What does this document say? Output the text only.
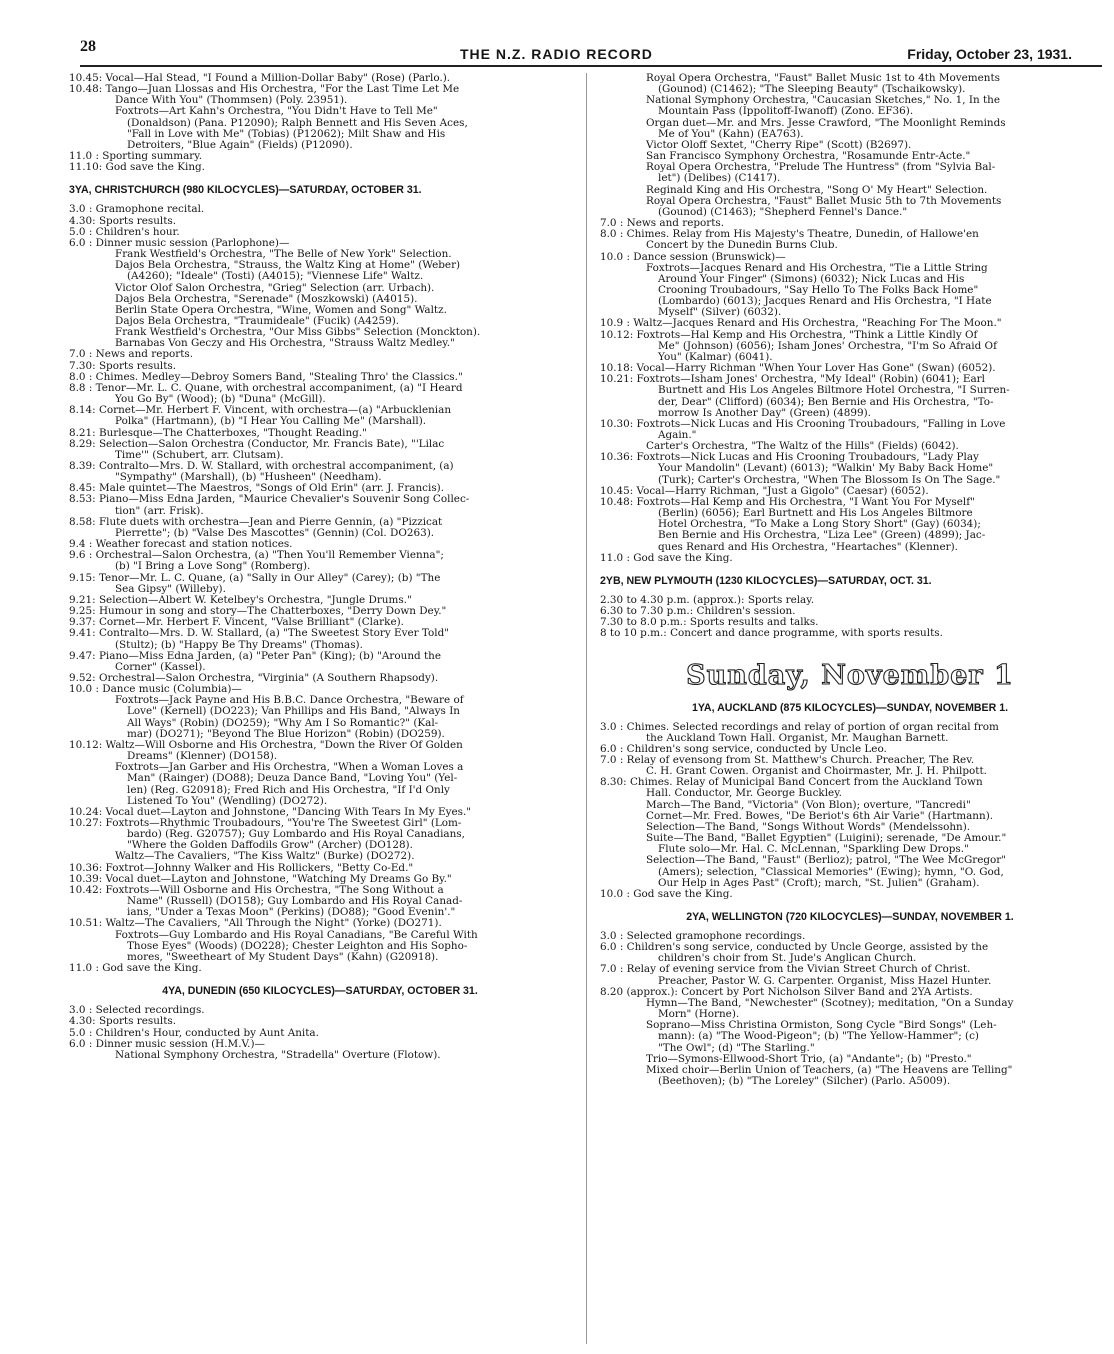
28	THE N.Z. RADIO RECORD	Friday, October 23, 1931.
10.45: Vocal—Hal Stead, "I Found a Million-Dollar Baby" (Rose) (Parlo.).
10.48: Tango—Juan Llossas and His Orchestra, "For the Last Time Let Me
Dance With You" (Thommsen) (Poly. 23951).
Foxtrots—Art Kahn's Orchestra, "You Didn't Have to Tell Me"
(Donaldson) (Pana. P12090); Ralph Bennett and His Seven Aces,
"Fall in Love with Me" (Tobias) (P12062); Milt Shaw and His
Detroiters, "Blue Again" (Fields) (P12090).
11.0 : Sporting summary.
11.10: God save the King.
3YA, CHRISTCHURCH (980 KILOCYCLES)—SATURDAY, OCTOBER 31.
3.0 : Gramophone recital.
4.30: Sports results.
5.0 : Children's hour.
6.0 : Dinner music session (Parlophone)—
Frank Westfield's Orchestra, "The Belle of New York" Selection.
Dajos Bela Orchestra, "Strauss, the Waltz King at Home" (Weber)
(A4260); "Ideale" (Tosti) (A4015); "Viennese Life" Waltz.
Victor Olof Salon Orchestra, "Grieg" Selection (arr. Urbach).
Dajos Bela Orchestra, "Serenade" (Moszkowski) (A4015).
Berlin State Opera Orchestra, "Wine, Women and Song" Waltz.
Dajos Bela Orchestra, "Traumideale" (Fucik) (A4259).
Frank Westfield's Orchestra, "Our Miss Gibbs" Selection (Monckton).
Barnabas Von Geczy and His Orchestra, "Strauss Waltz Medley."
7.0 : News and reports.
7.30: Sports results.
8.0 : Chimes. Medley—Debroy Somers Band, "Stealing Thro' the Classics."
8.8 : Tenor—Mr. L. C. Quane, with orchestral accompaniment, (a) "I Heard
You Go By" (Wood); (b) "Duna" (McGill).
8.14: Cornet—Mr. Herbert F. Vincent, with orchestra—(a) "Arbucklenian
Polka" (Hartmann), (b) "I Hear You Calling Me" (Marshall).
8.21: Burlesque—The Chatterboxes, "Thought Reading."
8.29: Selection—Salon Orchestra (Conductor, Mr. Francis Bate), "'Lilac
Time'" (Schubert, arr. Clutsam).
8.39: Contralto—Mrs. D. W. Stallard, with orchestral accompaniment, (a)
"Sympathy" (Marshall), (b) "Husheen" (Needham).
8.45: Male quintet—The Maestros, "Songs of Old Erin" (arr. J. Francis).
8.53: Piano—Miss Edna Jarden, "Maurice Chevalier's Souvenir Song Collec-
tion" (arr. Frisk).
8.58: Flute duets with orchestra—Jean and Pierre Gennin, (a) "Pizzicat
Pierrette"; (b) "Valse Des Mascottes" (Gennin) (Col. DO263).
9.4 : Weather forecast and station notices.
9.6 : Orchestral—Salon Orchestra, (a) "Then You'll Remember Vienna";
(b) "I Bring a Love Song" (Romberg).
9.15: Tenor—Mr. L. C. Quane, (a) "Sally in Our Alley" (Carey); (b) "The
Sea Gipsy" (Willeby).
9.21: Selection—Albert W. Ketelbey's Orchestra, "Jungle Drums."
9.25: Humour in song and story—The Chatterboxes, "Derry Down Dey."
9.37: Cornet—Mr. Herbert F. Vincent, "Valse Brilliant" (Clarke).
9.41: Contralto—Mrs. D. W. Stallard, (a) "The Sweetest Story Ever Told"
(Stultz); (b) "Happy Be Thy Dreams" (Thomas).
9.47: Piano—Miss Edna Jarden, (a) "Peter Pan" (King); (b) "Around the
Corner" (Kassel).
9.52: Orchestral—Salon Orchestra, "Virginia" (A Southern Rhapsody).
10.0 : Dance music (Columbia)—
Foxtrots—Jack Payne and His B.B.C. Dance Orchestra, "Beware of
Love" (Kernell) (DO223); Van Phillips and His Band, "Always In
All Ways" (Robin) (DO259); "Why Am I So Romantic?" (Kal-
mar) (DO271); "Beyond The Blue Horizon" (Robin) (DO259).
10.12: Waltz—Will Osborne and His Orchestra, "Down the River Of Golden
Dreams" (Klenner) (DO158).
Foxtrots—Jan Garber and His Orchestra, "When a Woman Loves a
Man" (Rainger) (DO88); Deuza Dance Band, "Loving You" (Yel-
len) (Reg. G20918); Fred Rich and His Orchestra, "If I'd Only
Listened To You" (Wendling) (DO272).
10.24: Vocal duet—Layton and Johnstone, "Dancing With Tears In My Eyes."
10.27: Foxtrots—Rhythmic Troubadours, "You're The Sweetest Girl" (Lom-
bardo) (Reg. G20757); Guy Lombardo and His Royal Canadians,
"Where the Golden Daffodils Grow" (Archer) (DO128).
Waltz—The Cavaliers, "The Kiss Waltz" (Burke) (DO272).
10.36: Foxtrot—Johnny Walker and His Rollickers, "Betty Co-Ed."
10.39: Vocal duet—Layton and Johnstone, "Watching My Dreams Go By."
10.42: Foxtrots—Will Osborne and His Orchestra, "The Song Without a
Name" (Russell) (DO158); Guy Lombardo and His Royal Canad-
ians, "Under a Texas Moon" (Perkins) (DO88); "Good Evenin'."
10.51: Waltz—The Cavaliers, "All Through the Night" (Yorke) (DO271).
Foxtrots—Guy Lombardo and His Royal Canadians, "Be Careful With
Those Eyes" (Woods) (DO228); Chester Leighton and His Sopho-
mores, "Sweetheart of My Student Days" (Kahn) (G20918).
11.0 : God save the King.
4YA, DUNEDIN (650 KILOCYCLES)—SATURDAY, OCTOBER 31.
3.0 : Selected recordings.
4.30: Sports results.
5.0 : Children's Hour, conducted by Aunt Anita.
6.0 : Dinner music session (H.M.V.)—
National Symphony Orchestra, "Stradella" Overture (Flotow).
Royal Opera Orchestra, "Faust" Ballet Music 1st to 4th Movements
(Gounod) (C1462); "The Sleeping Beauty" (Tschaikowsky).
National Symphony Orchestra, "Caucasian Sketches," No. 1, In the
Mountain Pass (Ippolitoff-Iwanoff) (Zono. EF36).
Organ duet—Mr. and Mrs. Jesse Crawford, "The Moonlight Reminds
Me of You" (Kahn) (EA763).
Victor Oloff Sextet, "Cherry Ripe" (Scott) (B2697).
San Francisco Symphony Orchestra, "Rosamunde Entr-Acte."
Royal Opera Orchestra, "Prelude The Huntress" (from "Sylvia Bal-
let") (Delibes) (C1417).
Reginald King and His Orchestra, "Song O' My Heart" Selection.
Royal Opera Orchestra, "Faust" Ballet Music 5th to 7th Movements
(Gounod) (C1463); "Shepherd Fennel's Dance."
7.0 : News and reports.
8.0 : Chimes. Relay from His Majesty's Theatre, Dunedin, of Hallowe'en
Concert by the Dunedin Burns Club.
10.0 : Dance session (Brunswick)—
Foxtrots—Jacques Renard and His Orchestra, "Tie a Little String
Around Your Finger" (Simons) (6032); Nick Lucas and His
Crooning Troubadours, "Say Hello To The Folks Back Home"
(Lombardo) (6013); Jacques Renard and His Orchestra, "I Hate
Myself" (Silver) (6032).
10.9 : Waltz—Jacques Renard and His Orchestra, "Reaching For The Moon."
10.12: Foxtrots—Hal Kemp and His Orchestra, "Think a Little Kindly Of
Me" (Johnson) (6056); Isham Jones' Orchestra, "I'm So Afraid Of
You" (Kalmar) (6041).
10.18: Vocal—Harry Richman "When Your Lover Has Gone" (Swan) (6052).
10.21: Foxtrots—Isham Jones' Orchestra, "My Ideal" (Robin) (6041); Earl
Burtnett and His Los Angeles Biltmore Hotel Orchestra, "I Surren-
der, Dear" (Clifford) (6034); Ben Bernie and His Orchestra, "To-
morrow Is Another Day" (Green) (4899).
10.30: Foxtrots—Nick Lucas and His Crooning Troubadours, "Falling in Love
Again."
Carter's Orchestra, "The Waltz of the Hills" (Fields) (6042).
10.36: Foxtrots—Nick Lucas and His Crooning Troubadours, "Lady Play
Your Mandolin" (Levant) (6013); "Walkin' My Baby Back Home"
(Turk); Carter's Orchestra, "When The Blossom Is On The Sage."
10.45: Vocal—Harry Richman, "Just a Gigolo" (Caesar) (6052).
10.48: Foxtrots—Hal Kemp and His Orchestra, "I Want You For Myself"
(Berlin) (6056); Earl Burtnett and His Los Angeles Biltmore
Hotel Orchestra, "To Make a Long Story Short" (Gay) (6034);
Ben Bernie and His Orchestra, "Liza Lee" (Green) (4899); Jac-
ques Renard and His Orchestra, "Heartaches" (Klenner).
11.0 : God save the King.
2YB, NEW PLYMOUTH (1230 KILOCYCLES)—SATURDAY, OCT. 31.
2.30 to 4.30 p.m. (approx.): Sports relay.
6.30 to 7.30 p.m.: Children's session.
7.30 to 8.0 p.m.: Sports results and talks.
8 to 10 p.m.: Concert and dance programme, with sports results.
Sunday, November 1
1YA, AUCKLAND (875 KILOCYCLES)—SUNDAY, NOVEMBER 1.
3.0 : Chimes. Selected recordings and relay of portion of organ recital from
the Auckland Town Hall. Organist, Mr. Maughan Barnett.
6.0 : Children's song service, conducted by Uncle Leo.
7.0 : Relay of evensong from St. Matthew's Church. Preacher, The Rev.
C. H. Grant Cowen. Organist and Choirmaster, Mr. J. H. Philpott.
8.30: Chimes. Relay of Municipal Band Concert from the Auckland Town
Hall. Conductor, Mr. George Buckley.
March—The Band, "Victoria" (Von Blon); overture, "Tancredi"
Cornet—Mr. Fred. Bowes, "De Beriot's 6th Air Varie" (Hartmann).
Selection—The Band, "Songs Without Words" (Mendelssohn).
Suite—The Band, "Ballet Egyptien" (Luigini); serenade, "De Amour."
Flute solo—Mr. Hal. C. McLennan, "Sparkling Dew Drops."
Selection—The Band, "Faust" (Berlioz); patrol, "The Wee McGregor"
(Amers); selection, "Classical Memories" (Ewing); hymn, "O. God,
Our Help in Ages Past" (Croft); march, "St. Julien" (Graham).
10.0 : God save the King.
2YA, WELLINGTON (720 KILOCYCLES)—SUNDAY, NOVEMBER 1.
3.0 : Selected gramophone recordings.
6.0 : Children's song service, conducted by Uncle George, assisted by the
children's choir from St. Jude's Anglican Church.
7.0 : Relay of evening service from the Vivian Street Church of Christ.
Preacher, Pastor W. G. Carpenter. Organist, Miss Hazel Hunter.
8.20 (approx.): Concert by Port Nicholson Silver Band and 2YA Artists.
Hymn—The Band, "Newchester" (Scotney); meditation, "On a Sunday
Morn" (Horne).
Soprano—Miss Christina Ormiston, Song Cycle "Bird Songs" (Leh-
mann): (a) "The Wood-Pigeon"; (b) "The Yellow-Hammer"; (c)
"The Owl"; (d) "The Starling."
Trio—Symons-Ellwood-Short Trio, (a) "Andante"; (b) "Presto."
Mixed choir—Berlin Union of Teachers, (a) "The Heavens are Telling"
(Beethoven); (b) "The Loreley" (Silcher) (Parlo. A5009).
